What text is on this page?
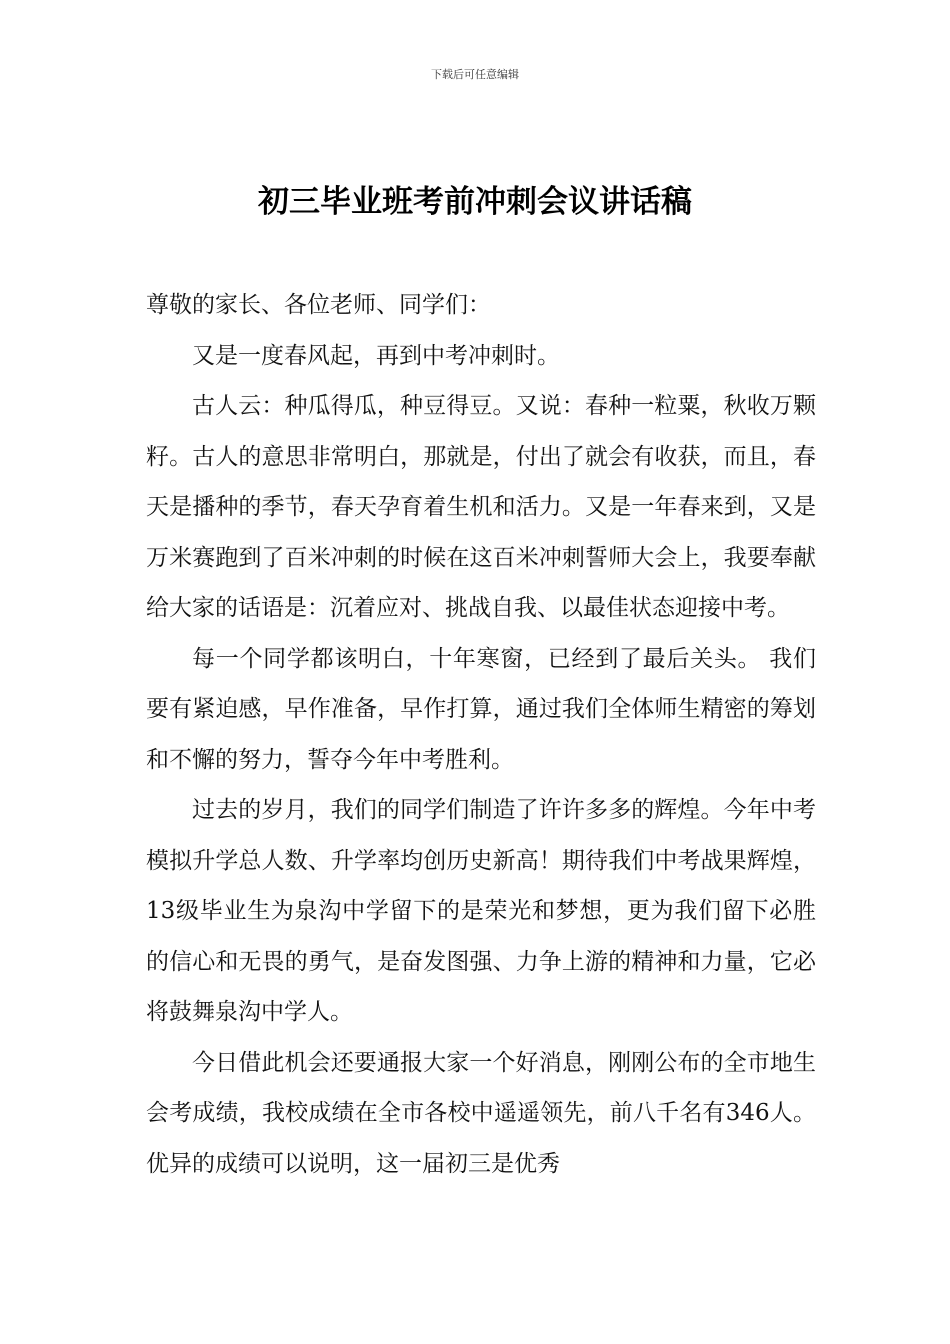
下载后可任意编辑
初三毕业班考前冲刺会议讲话稿

尊敬的家长、各位老师、同学们：

又是一度春风起，再到中考冲刺时。

古人云：种瓜得瓜，种豆得豆。又说：春种一粒粟，秋收万颗籽。古人的意思非常明白，那就是，付出了就会有收获，而且，春天是播种的季节，春天孕育着生机和活力。又是一年春来到，又是万米赛跑到了百米冲刺的时候在这百米冲刺誓师大会上，我要奉献给大家的话语是：沉着应对、挑战自我、以最佳状态迎接中考。

每一个同学都该明白，十年寒窗，已经到了最后关头。 我们要有紧迫感，早作准备，早作打算，通过我们全体师生精密的筹划和不懈的努力，誓夺今年中考胜利。

过去的岁月，我们的同学们制造了许许多多的辉煌。今年中考模拟升学总人数、升学率均创历史新高！期待我们中考战果辉煌，13级毕业生为泉沟中学留下的是荣光和梦想，更为我们留下必胜的信心和无畏的勇气，是奋发图强、力争上游的精神和力量，它必将鼓舞泉沟中学人。

今日借此机会还要通报大家一个好消息，刚刚公布的全市地生会考成绩，我校成绩在全市各校中遥遥领先，前八千名有346人。优异的成绩可以说明，这一届初三是优秀
